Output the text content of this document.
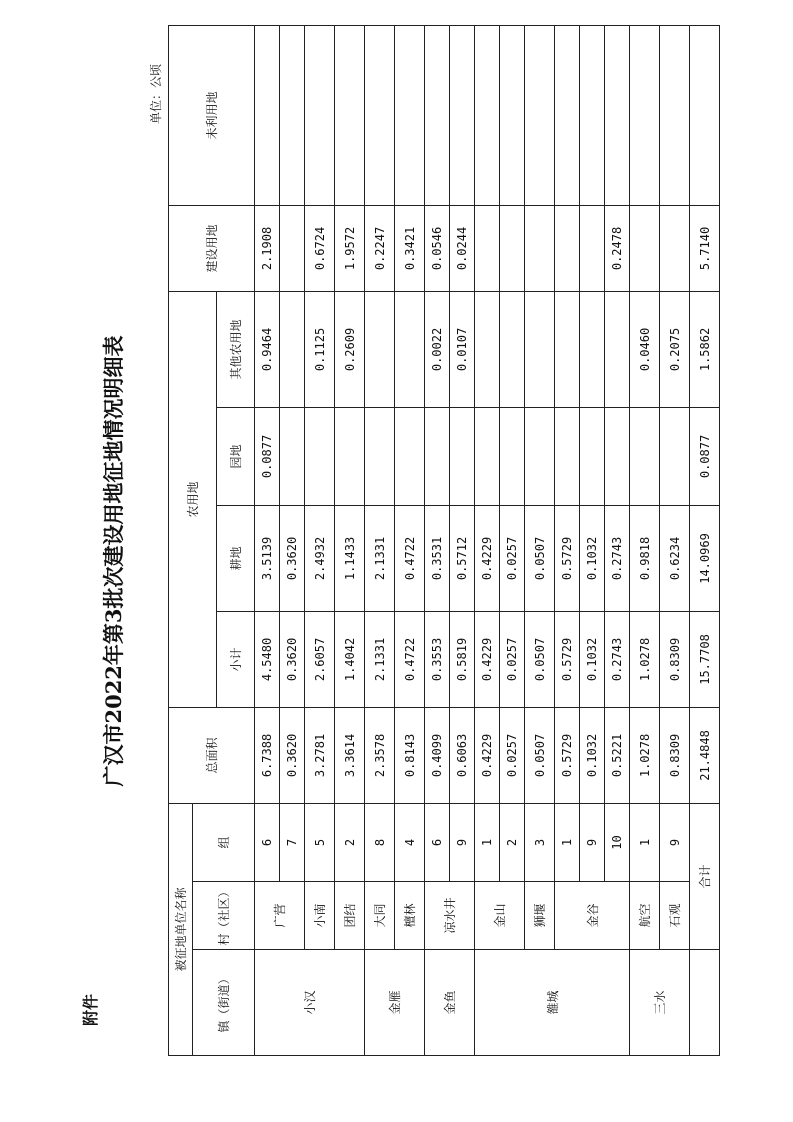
附件
广汉市2022年第3批次建设用地征地情况明细表
单位：公顷
被征地单位名称			总面积	农用地				建设用地	未利用地
镇（街道）	村（社区）	组							
				小计	耕地	园地	其他农用地		
小汉	广营	6	6.7388	4.5480	3.5139	0.0877	0.9464	2.1908	
		7	0.3620	0.3620	0.3620				
	小南	5	3.2781	2.6057	2.4932		0.1125	0.6724	
	团结	2	3.3614	1.4042	1.1433		0.2609	1.9572	
金雁	大同	8	2.3578	2.1331	2.1331			0.2247	
	檀林	4	0.8143	0.4722	0.4722			0.3421	
金鱼	凉水井	6	0.4099	0.3553	0.3531		0.0022	0.0546	
		9	0.6063	0.5819	0.5712		0.0107	0.0244	
雒城	金山	1	0.4229	0.4229	0.4229				
		2	0.0257	0.0257	0.0257				
	狮堰	3	0.0507	0.0507	0.0507				
	金谷	1	0.5729	0.5729	0.5729				
		9	0.1032	0.1032	0.1032				
		10	0.5221	0.2743	0.2743			0.2478	
三水	航空	1	1.0278	1.0278	0.9818		0.0460		
	石观	9	0.8309	0.8309	0.6234		0.2075		
	合计		21.4848	15.7708	14.0969	0.0877	1.5862	5.7140	
